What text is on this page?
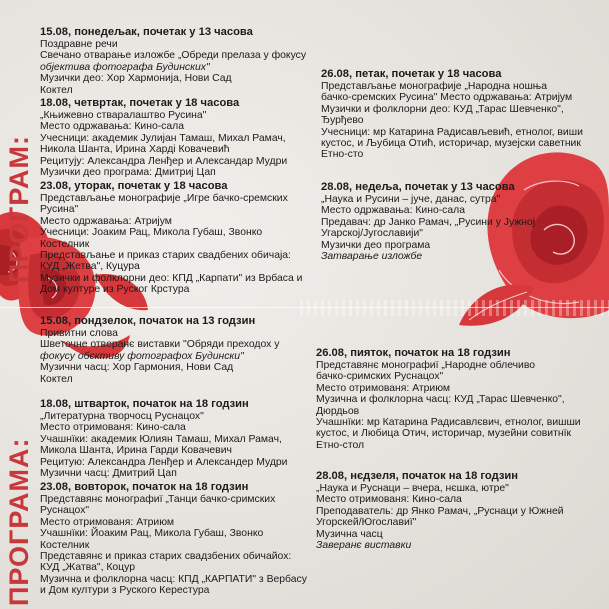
ПРОГРАМ:
ПРОГРАМА:
15.08, понедељак, почетак у 13 часова
Поздравне речи
Свечано отварање изложбе „Обреди прелаза у фокусу
објектива фотографа Будинских"
Музички део: Хор Хармонија, Нови Сад
Коктел
18.08, четвртак, почетак у 18 часова
„Књижевно стваралаштво Русина"
Место одржавања: Кино-сала
Учесници: академик Јулијан Тамаш, Михал Рамач,
Никола Шанта, Ирина Хардi Ковачевић
Рецитују: Александра Ленђер и Александар Мудри
Музички део програма: Дмитриј Цап
23.08, уторак, почетак у 18 часова
Представљање монографије „Игре бачко-сремских
Русина"
Место одржавања: Атријум
Учесници: Јоаким Рац, Микола Губаш, Звонко
Костелник
Представљање и приказ старих свадбених обичаја:
КУД „Жетва", Куцура
Музички и фолклорни део: КПД „Карпати" из Врбаса и
Дом културе из Руског Крстура
26.08, петак, почетак у 18 часова
Представљање монографије „Народна ношња
бачко-сремских Русина" Место одржавања: Атријум
Музички и фолклорни део: КУД „Тарас Шевченко",
Ђурђево
Учесници: мр Катарина Радисављевић, етнолог, виши
кустос, и Љубица Отић, историчар, музејски саветник
Етно-сто
28.08, недеља, почетак у 13 часова
„Наука и Русини – јуче, данас, сутра"
Место одржавања: Кино-сала
Предавач: др Јанко Рамач, „Русини у Јужној
Угарској/Југославији"
Музички део програма
Затварање изложбе
15.08, пондзелок, початок на 13 годзин
Привитни слова
Шветочне отверанє виставки "Обряди преходох у
фокусу обєктиву фотографох Будински"
Музични часц: Хор Гармония, Нови Сад
Коктел
18.08, штварток, початок на 18 годзин
„Литературна творчосц Руснацох"
Место отримованя: Кино-сала
Учашнїки: академик Юлиян Тамаш, Михал Рамач,
Микола Шанта, Ирина Гарди Ковачевич
Рецитую: Александра Ленђер и Александер Мудри
Музични часц: Дмитрий Цап
23.08, вовторок, початок на 18 годзин
Представянє монографиї „Танци бачко-сримских
Руснацох"
Место отримованя: Атриюм
Учашнїки: Йоаким Рац, Микола Губаш, Звонко
Костелник
Представянє и приказ старих свадзбених обичайох:
КУД „Жатва", Коцур
Музична и фолклорна часц: КПД „КАРПАТИ" з Вербасу
и Дом култури з Руского Керестура
26.08, пияток, початок на 18 годзин
Представянє монографиї „Народне облечиво
бачко-сримских Руснацох"
Место отримованя: Атриюм
Музична и фолклорна часц: КУД „Тарас Шевченко",
Дюрдьов
Учашнїки: мр Катарина Радисавлєвич, етнолог, вишши
кустос, и Любица Отич, историчар, музейни совитнїк
Етно-стол
28.08, нєдзеля, початок на 18 годзин
„Наука и Руснаци – вчера, нєшка, ютре"
Место отримованя: Кино-сала
Преподаватель: др Янко Рамач, „Руснаци у Южней
Угорскей/Югославиї"
Музична часц
Заверанє виставки
